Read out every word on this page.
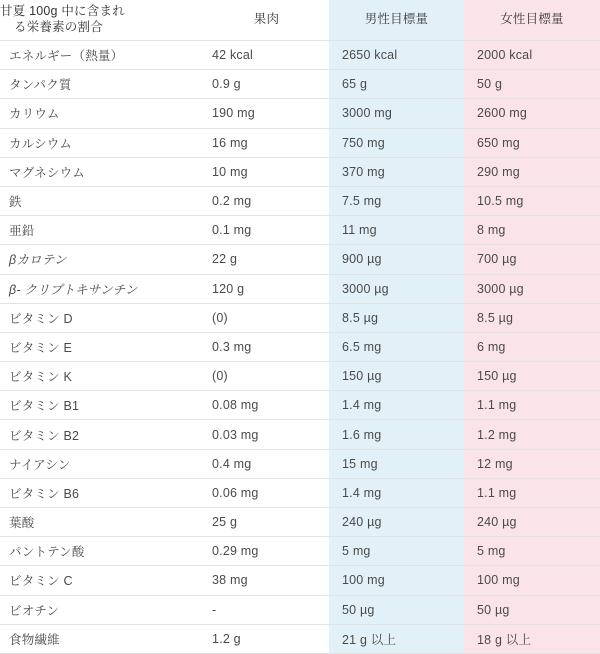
甘夏 100g 中に含まれ
る栄養素の割合	果肉	男性目標量	女性目標量
エネルギー（熱量）	42 kcal	2650 kcal	2000 kcal
タンパク質	0.9 g	65 g	50 g
カリウム	190 mg	3000 mg	2600 mg
カルシウム	16 mg	750 mg	650 mg
マグネシウム	10 mg	370 mg	290 mg
鉄	0.2 mg	7.5 mg	10.5 mg
亜鉛	0.1 mg	11 mg	8 mg
βカロテン	22 g	900 µg	700 µg
β- クリプトキサンチン	120 g	3000 µg	3000 µg
ビタミン D	(0)	8.5 µg	8.5 µg
ビタミン E	0.3 mg	6.5 mg	6 mg
ビタミン K	(0)	150 µg	150 µg
ビタミン B1	0.08 mg	1.4 mg	1.1 mg
ビタミン B2	0.03 mg	1.6 mg	1.2 mg
ナイアシン	0.4 mg	15 mg	12 mg
ビタミン B6	0.06 mg	1.4 mg	1.1 mg
葉酸	25 g	240 µg	240 µg
パントテン酸	0.29 mg	5 mg	5 mg
ビタミン C	38 mg	100 mg	100 mg
ビオチン	-	50 µg	50 µg
食物繊維	1.2 g	21 g 以上	18 g 以上
